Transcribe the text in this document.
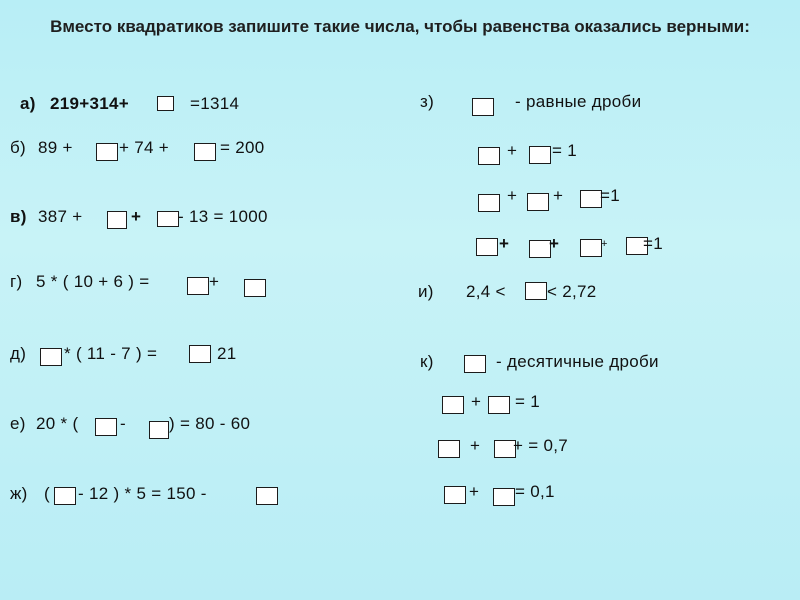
Вместо квадратиков запишите такие числа, чтобы равенства оказались верными:
а) 219+314+	=1314
б) 89 +	+ 74 +	= 200
в) 387 +	+ - 13 = 1000
г) 5 * ( 10 + 6 ) =	+
д) * ( 11 - 7 ) =	21
е) 20 * ( -	) = 80 - 60
ж) ( - 12 ) * 5 = 150 -
з)	- равные дроби
+ = 1
+ + =1
+ +	+ =1
и) 2,4 < < 2,72
к)	- десятичные дроби
+ = 1
+ + = 0,7
+ = 0,1
